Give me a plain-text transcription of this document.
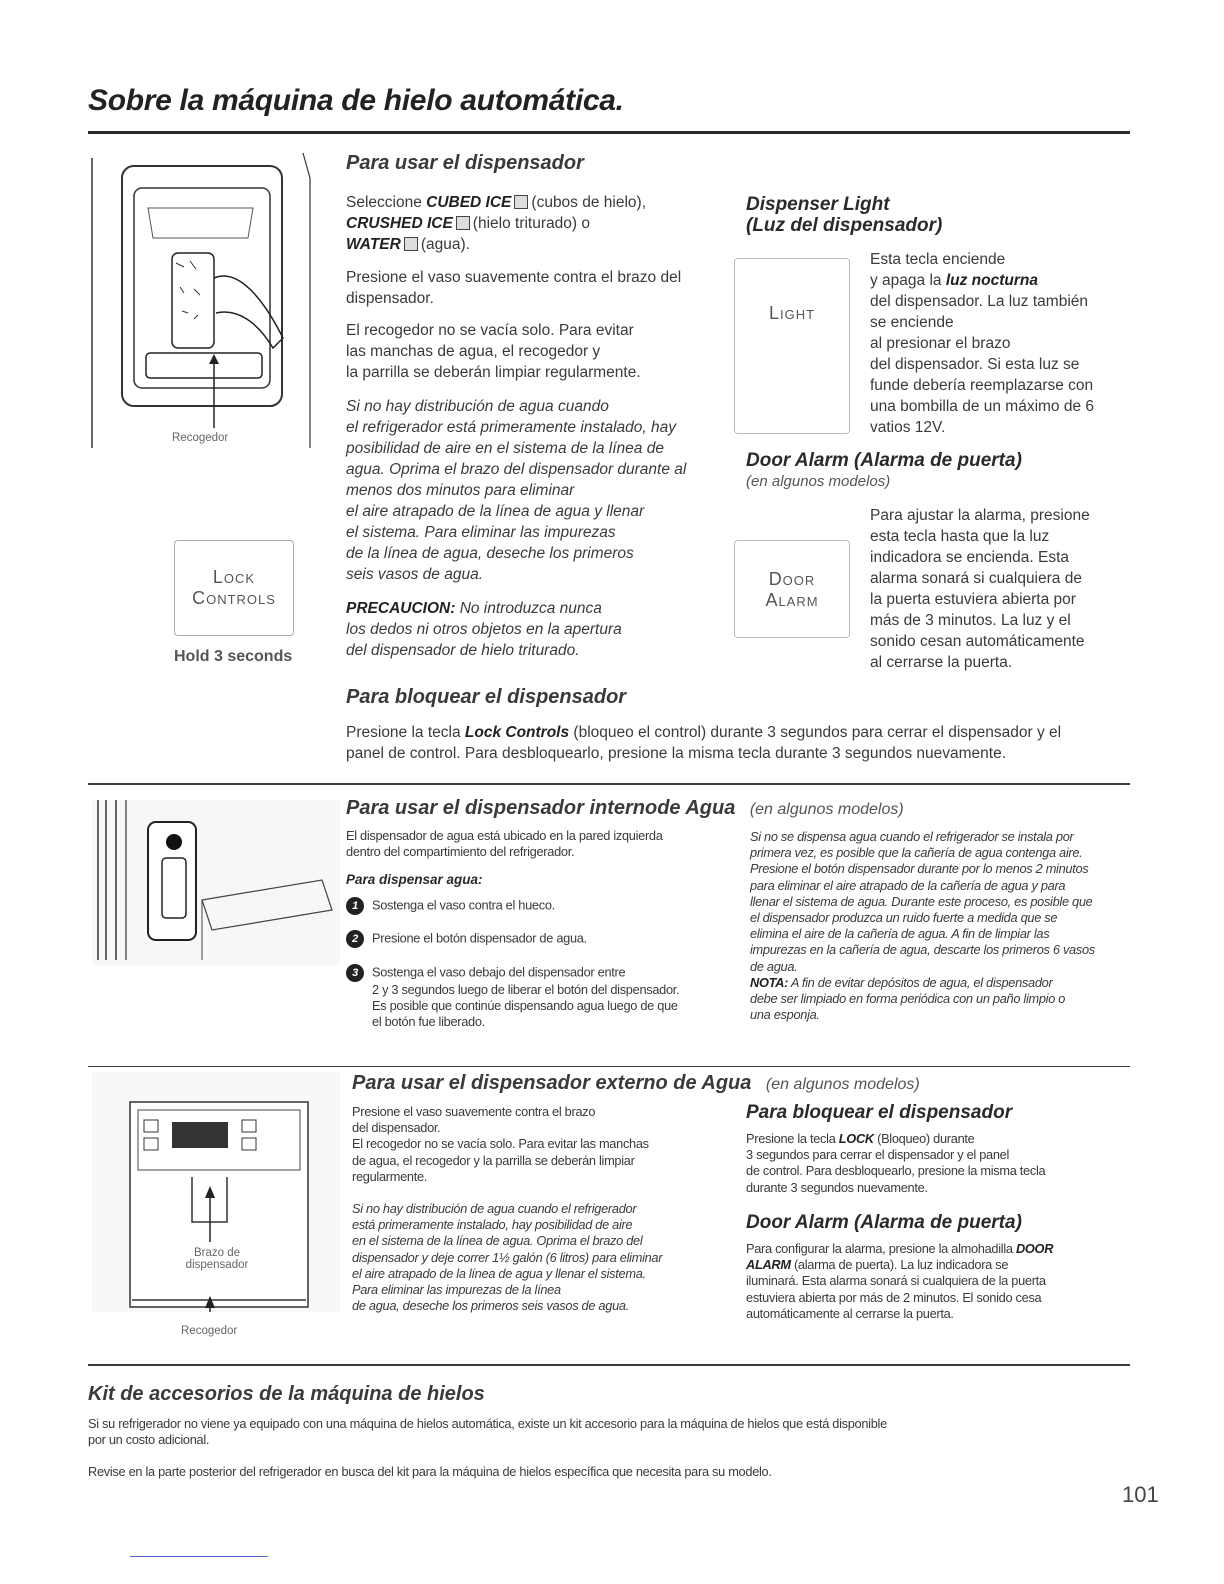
Sobre la máquina de hielo automática.
Recogedor
Lock
Controls
Hold 3 seconds
Para usar el dispensador
Seleccione CUBED ICE (cubos de hielo),
CRUSHED ICE (hielo triturado) o
WATER (agua).
Presione el vaso suavemente contra el brazo del dispensador.
El recogedor no se vacía solo. Para evitar
las manchas de agua, el recogedor y
la parrilla se deberán limpiar regularmente.
Si no hay distribución de agua cuando
el refrigerador está primeramente instalado, hay
posibilidad de aire en el sistema de la línea de
agua. Oprima el brazo del dispensador durante al
menos dos minutos para eliminar
el aire atrapado de la línea de agua y llenar
el sistema. Para eliminar las impurezas
de la línea de agua, deseche los primeros
seis vasos de agua.
PRECAUCION: No introduzca nunca
los dedos ni otros objetos en la apertura
del dispensador de hielo triturado.
Dispenser Light
(Luz del dispensador)
Light
Esta tecla enciende
y apaga la luz nocturna
del dispensador. La luz también
se enciende
al presionar el brazo
del dispensador. Si esta luz se
funde debería reemplazarse con
una bombilla de un máximo de 6
vatios 12V.
Door Alarm (Alarma de puerta)
(en algunos modelos)
Door
Alarm
Para ajustar la alarma, presione
esta tecla hasta que la luz
indicadora se encienda. Esta
alarma sonará si cualquiera de
la puerta estuviera abierta por
más de 3 minutos. La luz y el
sonido cesan automáticamente
al cerrarse la puerta.
Para bloquear el dispensador
Presione la tecla Lock Controls (bloqueo el control) durante 3 segundos para cerrar el dispensador y el
panel de control. Para desbloquearlo, presione la misma tecla durante 3 segundos nuevamente.
Para usar el dispensador internode Agua (en algunos modelos)
El dispensador de agua está ubicado en la pared izquierda
dentro del compartimiento del refrigerador.
Para dispensar agua:
1 Sostenga el vaso contra el hueco.
2 Presione el botón dispensador de agua.
3 Sostenga el vaso debajo del dispensador entre
2 y 3 segundos luego de liberar el botón del dispensador.
Es posible que continúe dispensando agua luego de que
el botón fue liberado.
Si no se dispensa agua cuando el refrigerador se instala por
primera vez, es posible que la cañería de agua contenga aire.
Presione el botón dispensador durante por lo menos 2 minutos
para eliminar el aire atrapado de la cañería de agua y para
llenar el sistema de agua. Durante este proceso, es posible que
el dispensador produzca un ruido fuerte a medida que se
elimina el aire de la cañería de agua. A fin de limpiar las
impurezas en la cañería de agua, descarte los primeros 6 vasos
de agua.
NOTA: A fin de evitar depósitos de agua, el dispensador
debe ser limpiado en forma periódica con un paño limpio o
una esponja.
Brazo de
dispensador
Recogedor
Para usar el dispensador externo de Agua (en algunos modelos)
Presione el vaso suavemente contra el brazo
del dispensador.
El recogedor no se vacía solo. Para evitar las manchas
de agua, el recogedor y la parrilla se deberán limpiar
regularmente.
Si no hay distribución de agua cuando el refrigerador
está primeramente instalado, hay posibilidad de aire
en el sistema de la línea de agua. Oprima el brazo del
dispensador y deje correr 1½ galón (6 litros) para eliminar
el aire atrapado de la línea de agua y llenar el sistema.
Para eliminar las impurezas de la línea
de agua, deseche los primeros seis vasos de agua.
Para bloquear el dispensador
Presione la tecla LOCK (Bloqueo) durante
3 segundos para cerrar el dispensador y el panel
de control. Para desbloquearlo, presione la misma tecla
durante 3 segundos nuevamente.
Door Alarm (Alarma de puerta)
Para configurar la alarma, presione la almohadilla DOOR
ALARM (alarma de puerta). La luz indicadora se
iluminará. Esta alarma sonará si cualquiera de la puerta
estuviera abierta por más de 2 minutos. El sonido cesa
automáticamente al cerrarse la puerta.
Kit de accesorios de la máquina de hielos
Si su refrigerador no viene ya equipado con una máquina de hielos automática, existe un kit accesorio para la máquina de hielos que está disponible
por un costo adicional.
Revise en la parte posterior del refrigerador en busca del kit para la máquina de hielos específica que necesita para su modelo.
101
